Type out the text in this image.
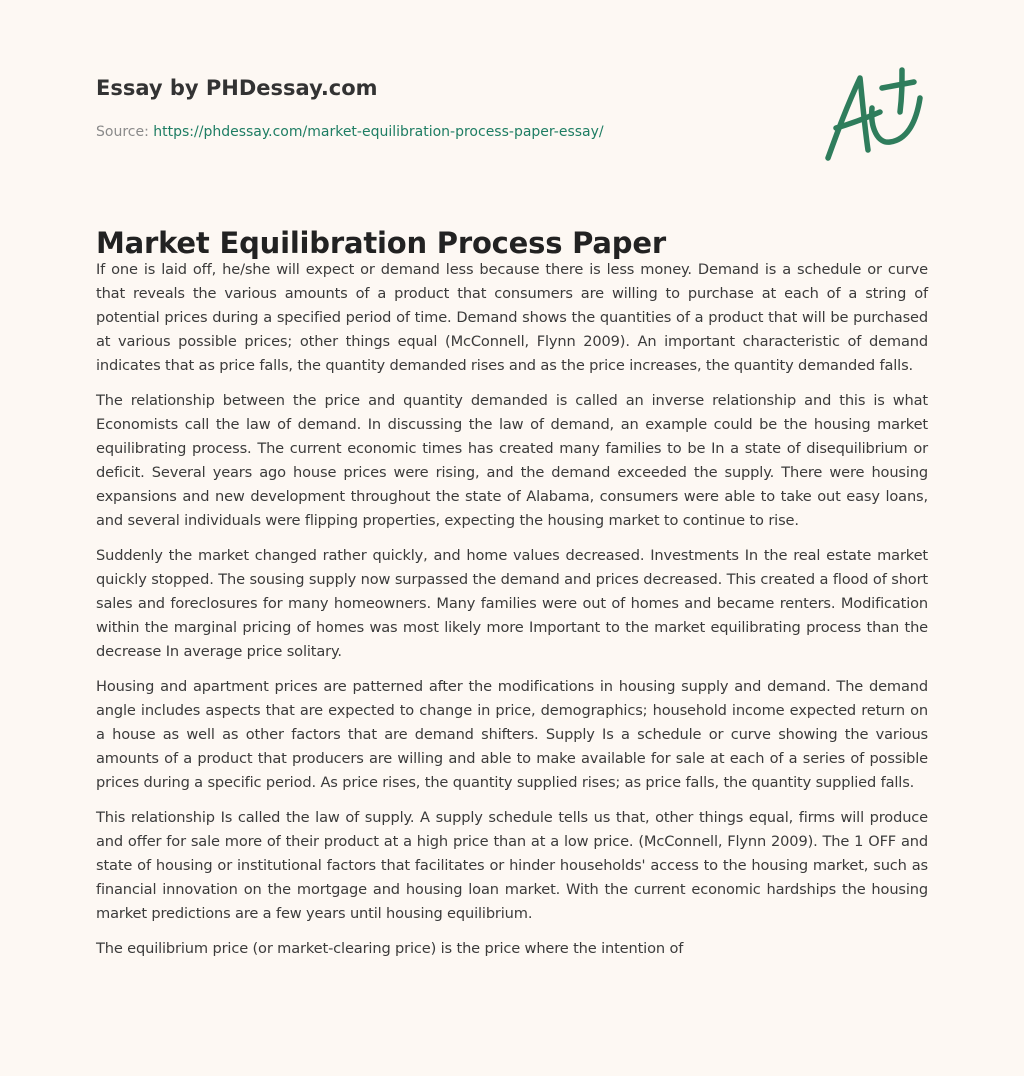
Essay by PHDessay.com
Source: https://phdessay.com/market-equilibration-process-paper-essay/
Market Equilibration Process Paper

If one is laid off, he/she will expect or demand less because there is less money. Demand is a schedule or curve that reveals the various amounts of a product that consumers are willing to purchase at each of a string of potential prices during a specified period of time. Demand shows the quantities of a product that will be purchased at various possible prices; other things equal (McConnell, Flynn 2009). An important characteristic of demand indicates that as price falls, the quantity demanded rises and as the price increases, the quantity demanded falls.

The relationship between the price and quantity demanded is called an inverse relationship and this is what Economists call the law of demand. In discussing the law of demand, an example could be the housing market equilibrating process. The current economic times has created many families to be In a state of disequilibrium or deficit. Several years ago house prices were rising, and the demand exceeded the supply. There were housing expansions and new development throughout the state of Alabama, consumers were able to take out easy loans, and several individuals were flipping properties, expecting the housing market to continue to rise.

Suddenly the market changed rather quickly, and home values decreased. Investments In the real estate market quickly stopped. The sousing supply now surpassed the demand and prices decreased. This created a flood of short sales and foreclosures for many homeowners. Many families were out of homes and became renters. Modification within the marginal pricing of homes was most likely more Important to the market equilibrating process than the decrease In average price solitary.

Housing and apartment prices are patterned after the modifications in housing supply and demand. The demand angle includes aspects that are expected to change in price, demographics; household income expected return on a house as well as other factors that are demand shifters. Supply Is a schedule or curve showing the various amounts of a product that producers are willing and able to make available for sale at each of a series of possible prices during a specific period. As price rises, the quantity supplied rises; as price falls, the quantity supplied falls.

This relationship Is called the law of supply. A supply schedule tells us that, other things equal, firms will produce and offer for sale more of their product at a high price than at a low price. (McConnell, Flynn 2009). The 1 OFF and state of housing or institutional factors that facilitates or hinder households' access to the housing market, such as financial innovation on the mortgage and housing loan market. With the current economic hardships the housing market predictions are a few years until housing equilibrium.

The equilibrium price (or market-clearing price) is the price where the intention of
